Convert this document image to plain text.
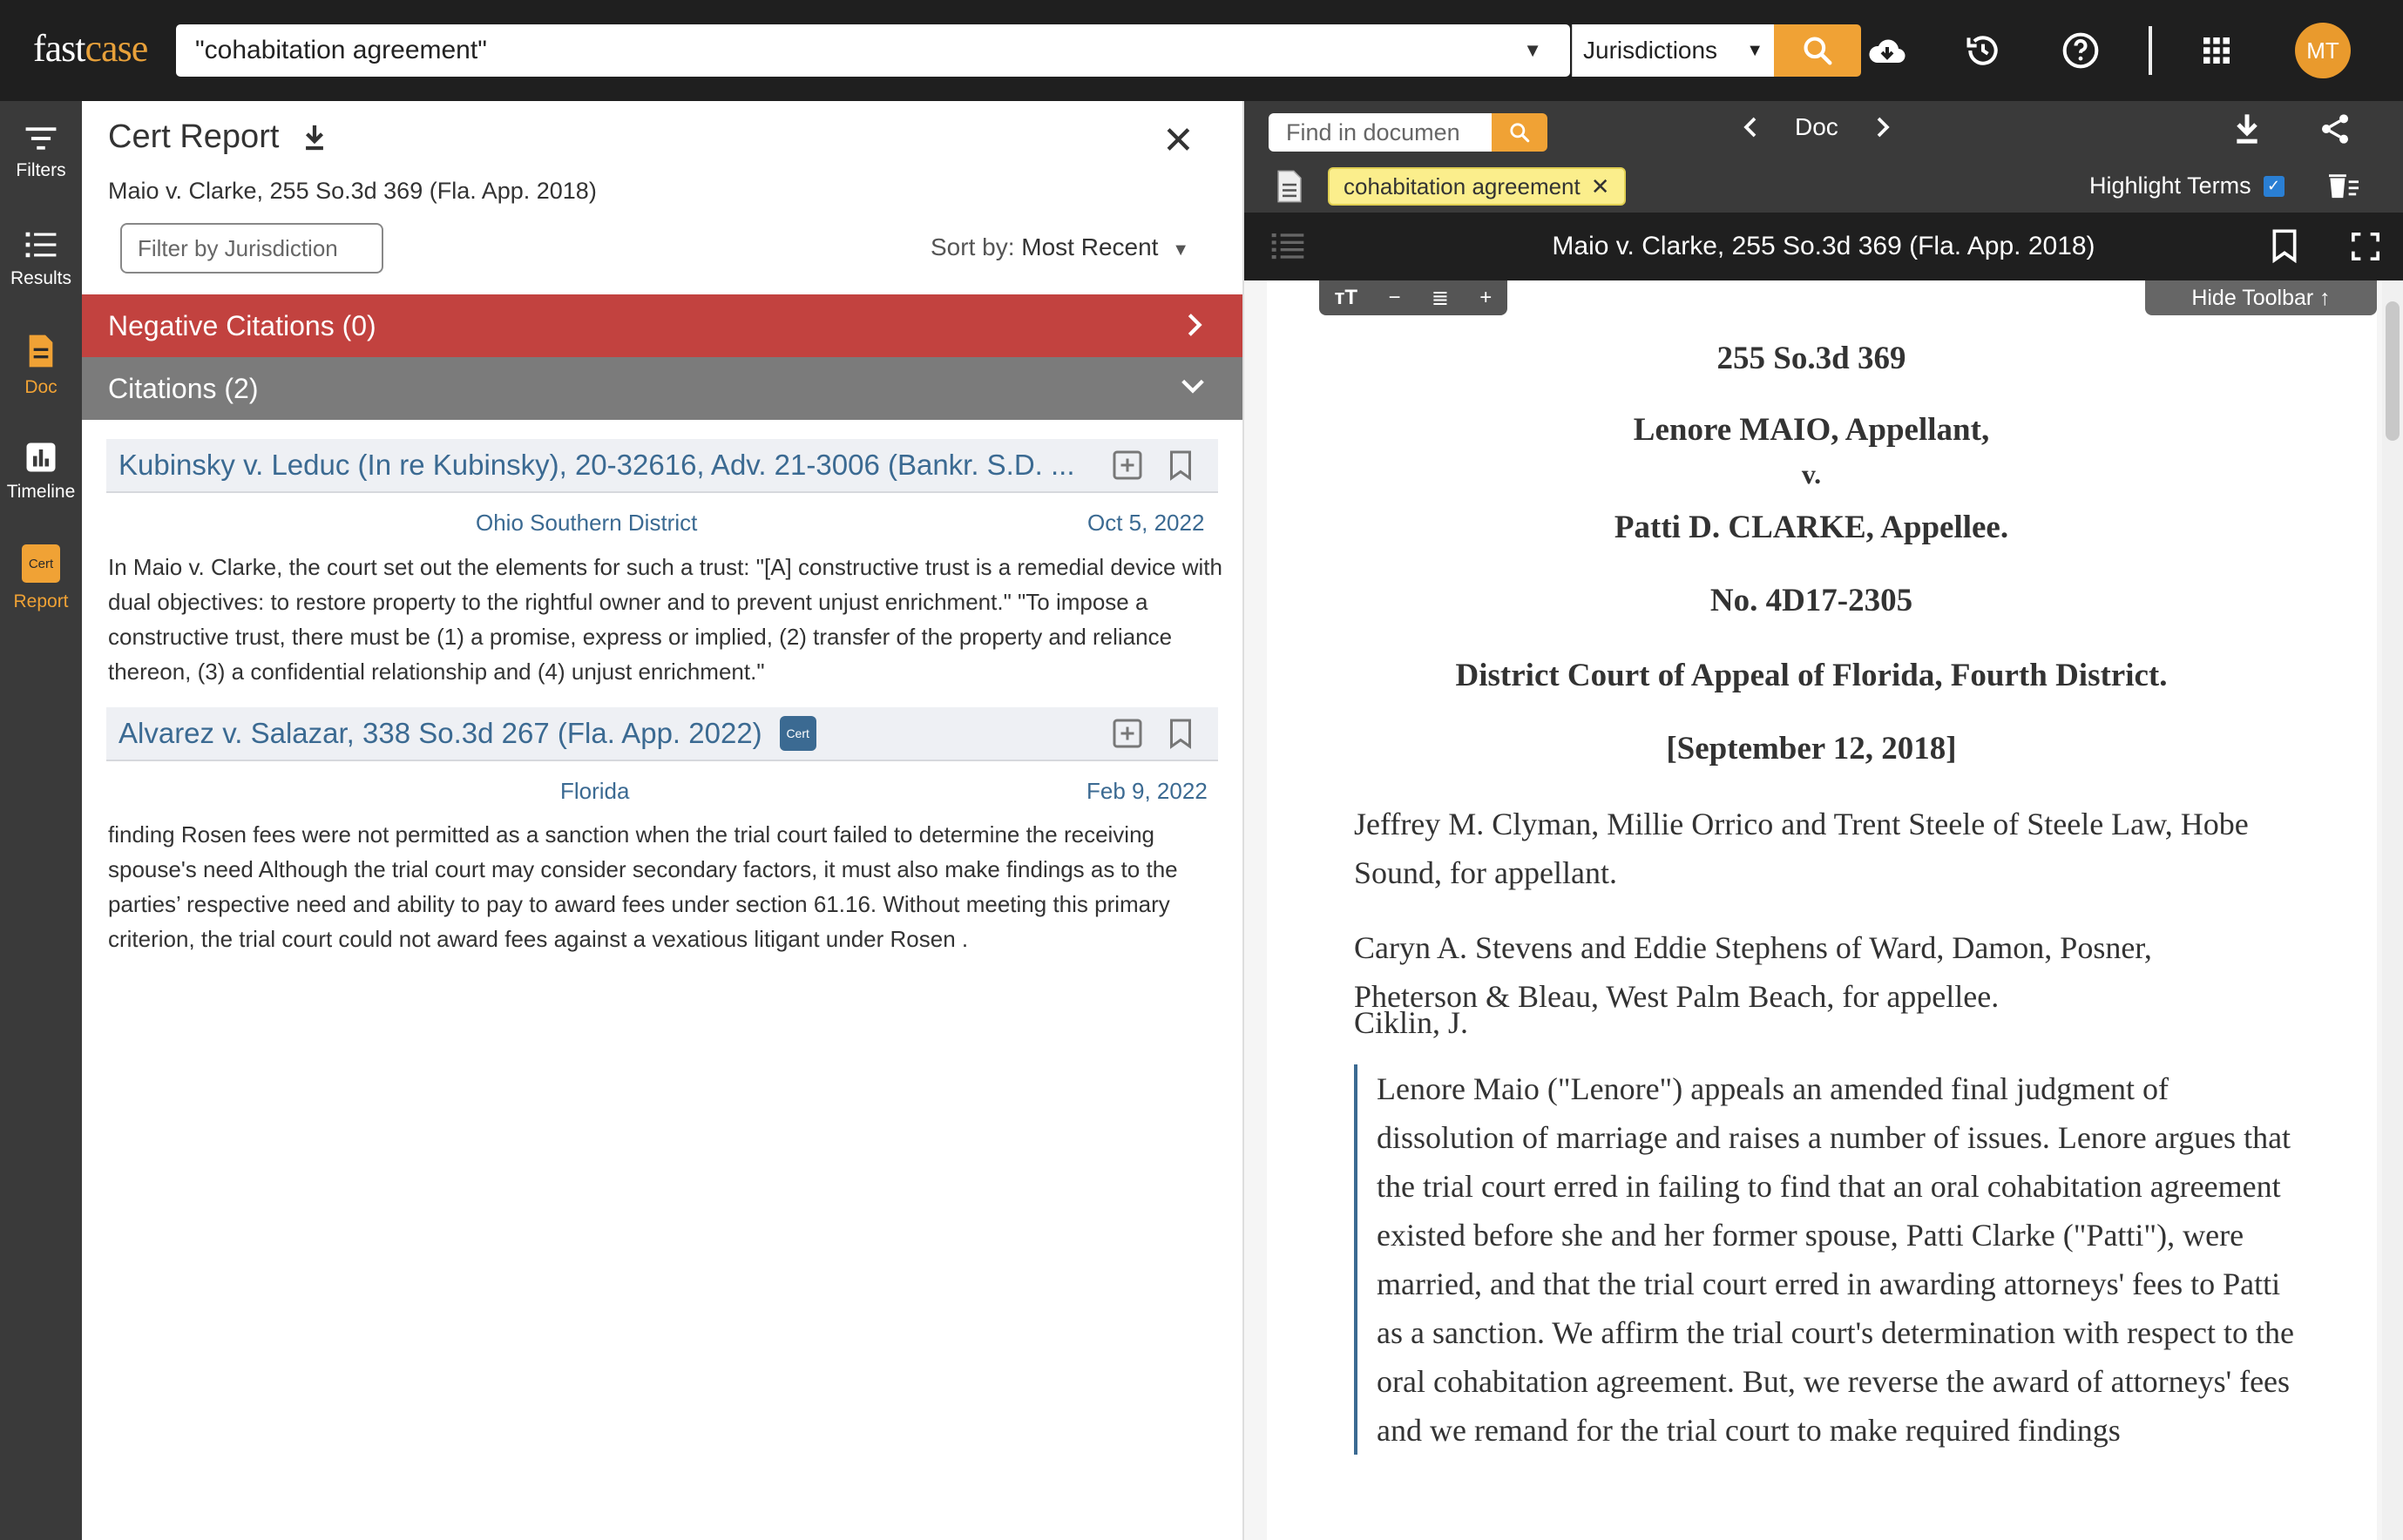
fastcase "cohabitation agreement"	▼	Jurisdictions ▼	MT
Filters
Results
Doc
Timeline
Cert
Report
Cert Report	✕
Maio v. Clarke, 255 So.3d 369 (Fla. App. 2018)
Filter by Jurisdiction	Sort by: Most Recent ▼
Negative Citations (0)
Citations (2)
Kubinsky v. Leduc (In re Kubinsky), 20-32616, Adv. 21-3006 (Bankr. S.D. ...
Ohio Southern District	Oct 5, 2022
In Maio v. Clarke, the court set out the elements for such a trust: "[A] constructive trust is a remedial device with dual objectives: to restore property to the rightful owner and to prevent unjust enrichment." "To impose a constructive trust, there must be (1) a promise, express or implied, (2) transfer of the property and reliance thereon, (3) a confidential relationship and (4) unjust enrichment."
Alvarez v. Salazar, 338 So.3d 267 (Fla. App. 2022)	Cert
Florida	Feb 9, 2022
finding Rosen fees were not permitted as a sanction when the trial court failed to determine the receiving spouse's need Although the trial court may consider secondary factors, it must also make findings as to the parties’ respective need and ability to pay to award fees under section 61.16. Without meeting this primary criterion, the trial court could not award fees against a vexatious litigant under Rosen .
Find in documen	Doc
cohabitation agreement ✕	Highlight Terms ✓
Maio v. Clarke, 255 So.3d 369 (Fla. App. 2018)
ᴛT − ≣ +	Hide Toolbar ↑
255 So.3d 369
Lenore MAIO, Appellant,
v.
Patti D. CLARKE, Appellee.
No. 4D17-2305
District Court of Appeal of Florida, Fourth District.
[September 12, 2018]
Jeffrey M. Clyman, Millie Orrico and Trent Steele of Steele Law, Hobe Sound, for appellant.
Caryn A. Stevens and Eddie Stephens of Ward, Damon, Posner, Pheterson & Bleau, West Palm Beach, for appellee.
Ciklin, J.
Lenore Maio ("Lenore") appeals an amended final judgment of dissolution of marriage and raises a number of issues. Lenore argues that the trial court erred in failing to find that an oral cohabitation agreement existed before she and her former spouse, Patti Clarke ("Patti"), were married, and that the trial court erred in awarding attorneys' fees to Patti as a sanction. We affirm the trial court's determination with respect to the oral cohabitation agreement. But, we reverse the award of attorneys' fees and we remand for the trial court to make required findings
